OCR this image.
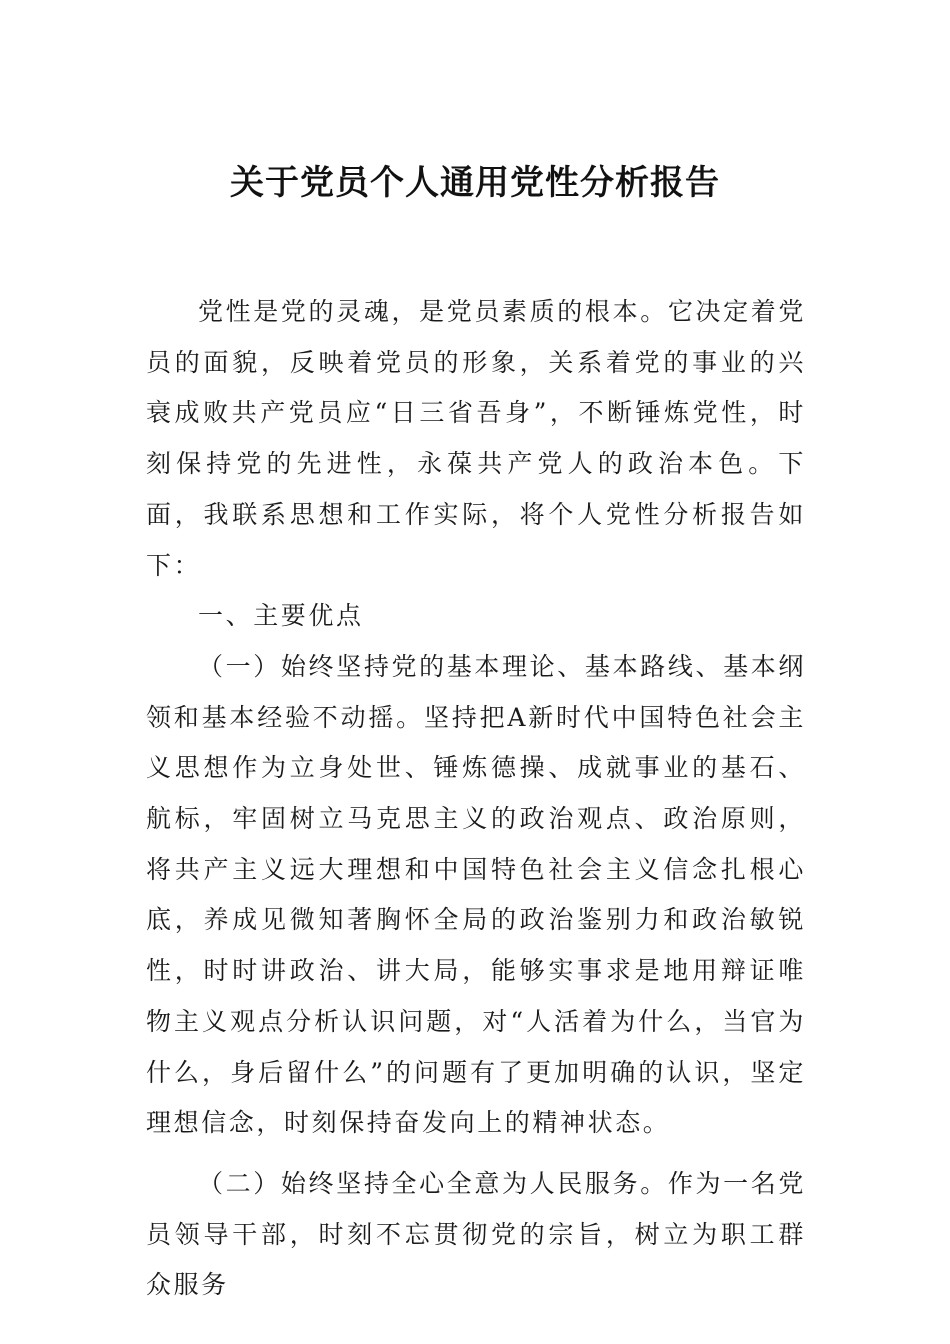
关于党员个人通用党性分析报告

党性是党的灵魂，是党员素质的根本。它决定着党员的面貌，反映着党员的形象，关系着党的事业的兴衰成败共产党员应“日三省吾身”，不断锤炼党性，时刻保持党的先进性，永葆共产党人的政治本色。下面，我联系思想和工作实际，将个人党性分析报告如下：

一、主要优点

（一）始终坚持党的基本理论、基本路线、基本纲领和基本经验不动摇。坚持把A新时代中国特色社会主义思想作为立身处世、锤炼德操、成就事业的基石、航标，牢固树立马克思主义的政治观点、政治原则，将共产主义远大理想和中国特色社会主义信念扎根心底，养成见微知著胸怀全局的政治鉴别力和政治敏锐性，时时讲政治、讲大局，能够实事求是地用辩证唯物主义观点分析认识问题，对“人活着为什么，当官为什么，身后留什么”的问题有了更加明确的认识，坚定理想信念，时刻保持奋发向上的精神状态。

（二）始终坚持全心全意为人民服务。作为一名党员领导干部，时刻不忘贯彻党的宗旨，树立为职工群众服务
